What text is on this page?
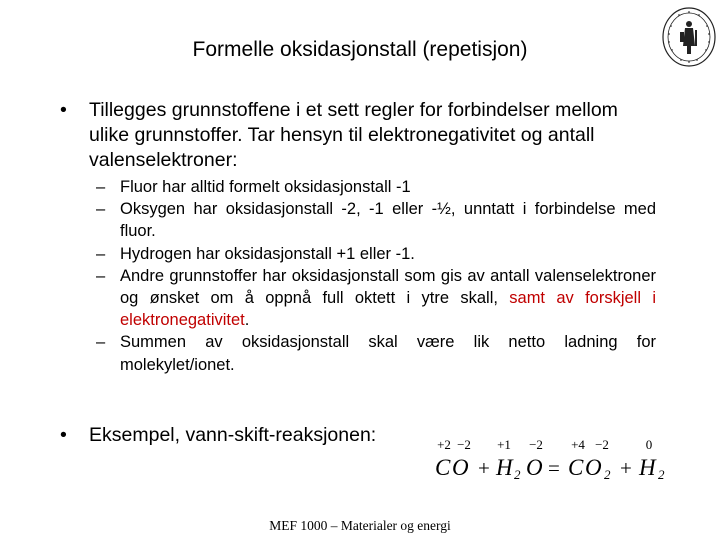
Formelle oksidasjonstall (repetisjon)
• Tillegges grunnstoffene i et sett regler for forbindelser mellom ulike grunnstoffer. Tar hensyn til elektronegativitet og antall valenselektroner:
– Fluor har alltid formelt oksidasjonstall -1
– Oksygen har oksidasjonstall -2, -1 eller -½, unntatt i forbindelse med fluor.
– Hydrogen har oksidasjonstall +1 eller -1.
– Andre grunnstoffer har oksidasjonstall som gis av antall valenselektroner og ønsket om å oppnå full oktett i ytre skall, samt av forskjell i elektronegativitet.
– Summen av oksidasjonstall skal være lik netto ladning for molekylet/ionet.
• Eksempel, vann-skift-reaksjonen:	+2 −2 +1 −2 +4 −2	0
C O H O C O H
+	=	+
2	2	2
MEF 1000 – Materialer og energi
